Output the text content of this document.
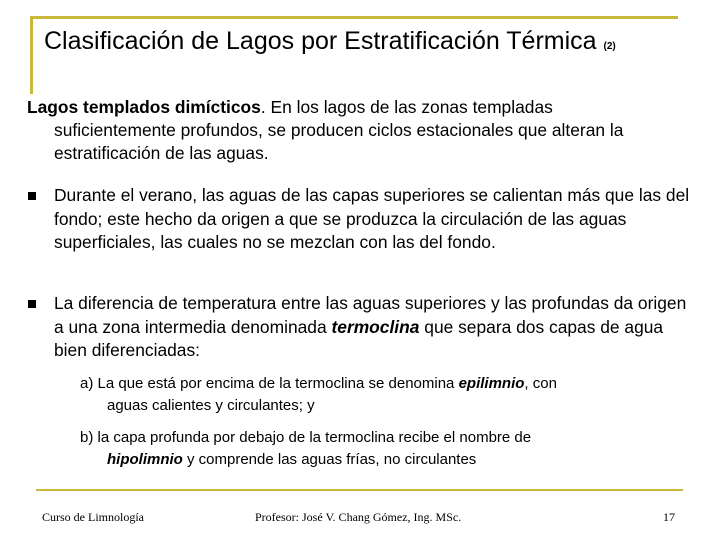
Clasificación de Lagos por Estratificación Térmica (2)
Lagos templados dimícticos. En los lagos de las zonas templadas
suficientemente profundos, se producen ciclos estacionales que alteran la estratificación de las aguas.
Durante el verano, las aguas de las capas superiores se calientan más que las del fondo; este hecho da origen a que se produzca la circulación de las aguas superficiales, las cuales no se mezclan con las del fondo.
La diferencia de temperatura entre las aguas superiores y las profundas da origen a una zona intermedia denominada termoclina que separa dos capas de agua bien diferenciadas:
a) La que está por encima de la termoclina se denomina epilimnio, con
aguas calientes y circulantes; y
b) la capa profunda por debajo de la termoclina recibe el nombre de
hipolimnio y comprende las aguas frías, no circulantes
Curso de Limnología	Profesor: José V. Chang Gómez, Ing. MSc.	17
